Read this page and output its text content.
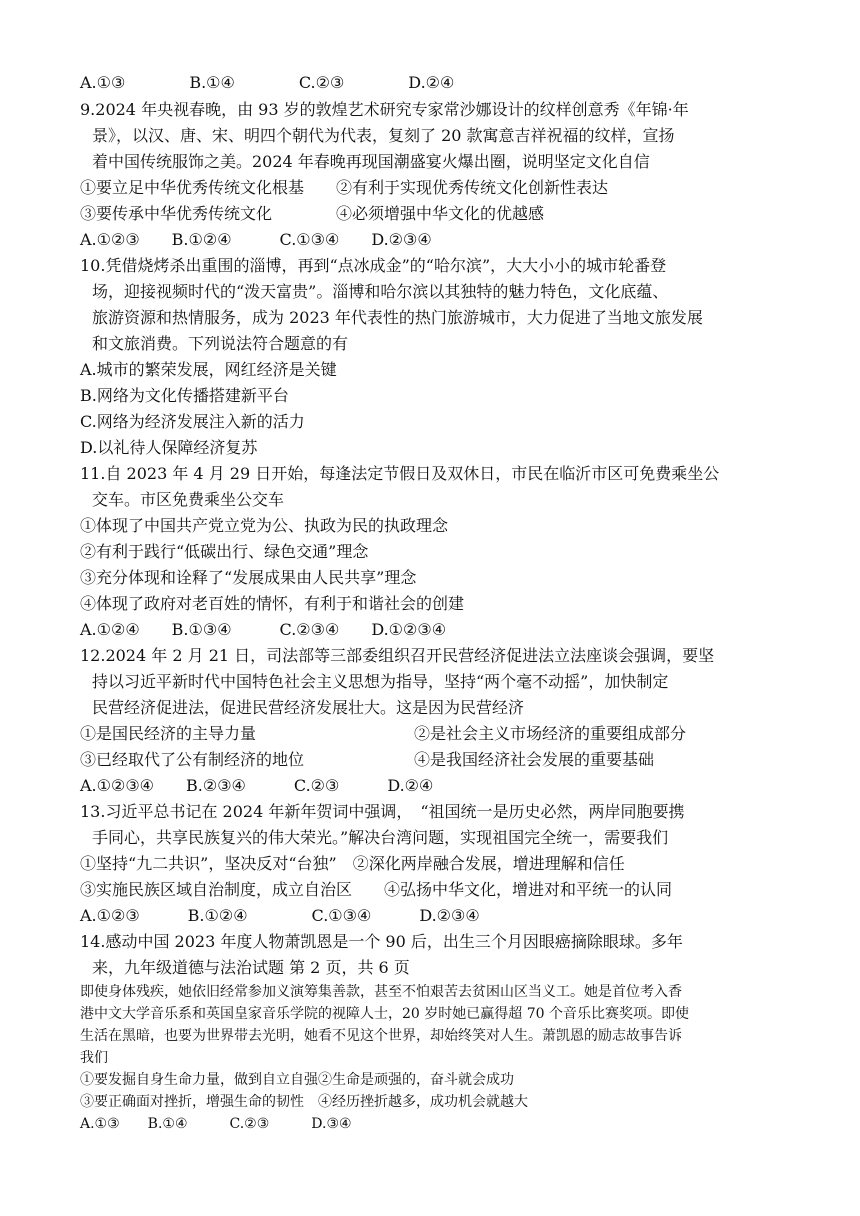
A.①③　　　　B.①④　　　　C.②③　　　　D.②④
9.2024 年央视春晚，由 93 岁的敦煌艺术研究专家常沙娜设计的纹样创意秀《年锦·年
景》，以汉、唐、宋、明四个朝代为代表，复刻了 20 款寓意吉祥祝福的纹样，宣扬
着中国传统服饰之美。2024 年春晚再现国潮盛宴火爆出圈，说明坚定文化自信
①要立足中华优秀传统文化根基　　②有利于实现优秀传统文化创新性表达
③要传承中华优秀传统文化　　　　④必须增强中华文化的优越感
A.①②③　　B.①②④　　　C.①③④　　D.②③④
10.凭借烧烤杀出重围的淄博，再到“点冰成金”的“哈尔滨”，大大小小的城市轮番登
场，迎接视频时代的“泼天富贵”。淄博和哈尔滨以其独特的魅力特色，文化底蕴、
旅游资源和热情服务，成为 2023 年代表性的热门旅游城市，大力促进了当地文旅发展
和文旅消费。下列说法符合题意的有
A.城市的繁荣发展，网红经济是关键
B.网络为文化传播搭建新平台
C.网络为经济发展注入新的活力
D.以礼待人保障经济复苏
11.自 2023 年 4 月 29 日开始，每逢法定节假日及双休日，市民在临沂市区可免费乘坐公
交车。市区免费乘坐公交车
①体现了中国共产党立党为公、执政为民的执政理念
②有利于践行“低碳出行、绿色交通”理念
③充分体现和诠释了“发展成果由人民共享”理念
④体现了政府对老百姓的情怀，有利于和谐社会的创建
A.①②④　　B.①③④　　　C.②③④　　D.①②③④
12.2024 年 2 月 21 日，司法部等三部委组织召开民营经济促进法立法座谈会强调，要坚
持以习近平新时代中国特色社会主义思想为指导，坚持“两个毫不动摇”，加快制定
民营经济促进法，促进民营经济发展壮大。这是因为民营经济
①是国民经济的主导力量	②是社会主义市场经济的重要组成部分
③已经取代了公有制经济的地位	④是我国经济社会发展的重要基础
A.①②③④　　B.②③④　　　C.②③　　　D.②④
13.习近平总书记在 2024 年新年贺词中强调，　“祖国统一是历史必然，两岸同胞要携
手同心，共享民族复兴的伟大荣光。”解决台湾问题，实现祖国完全统一，需要我们
①坚持“九二共识”，坚决反对“台独”　②深化两岸融合发展，增进理解和信任
③实施民族区域自治制度，成立自治区　　④弘扬中华文化，增进对和平统一的认同
A.①②③　　　B.①②④　　　　C.①③④　　　D.②③④
14.感动中国 2023 年度人物萧凯恩是一个 90 后，出生三个月因眼癌摘除眼球。多年
来，九年级道德与法治试题 第 2 页，共 6 页
即使身体残疾，她依旧经常参加义演筹集善款，甚至不怕艰苦去贫困山区当义工。她是首位考入香
港中文大学音乐系和英国皇家音乐学院的视障人士，20 岁时她已赢得超 70 个音乐比赛奖项。即使
生活在黑暗，也要为世界带去光明，她看不见这个世界，却始终笑对人生。萧凯恩的励志故事告诉
我们
①要发掘自身生命力量，做到自立自强②生命是顽强的，奋斗就会成功
③要正确面对挫折，增强生命的韧性　④经历挫折越多，成功机会就越大
A.①③　　B.①④　　　C.②③　　　D.③④
